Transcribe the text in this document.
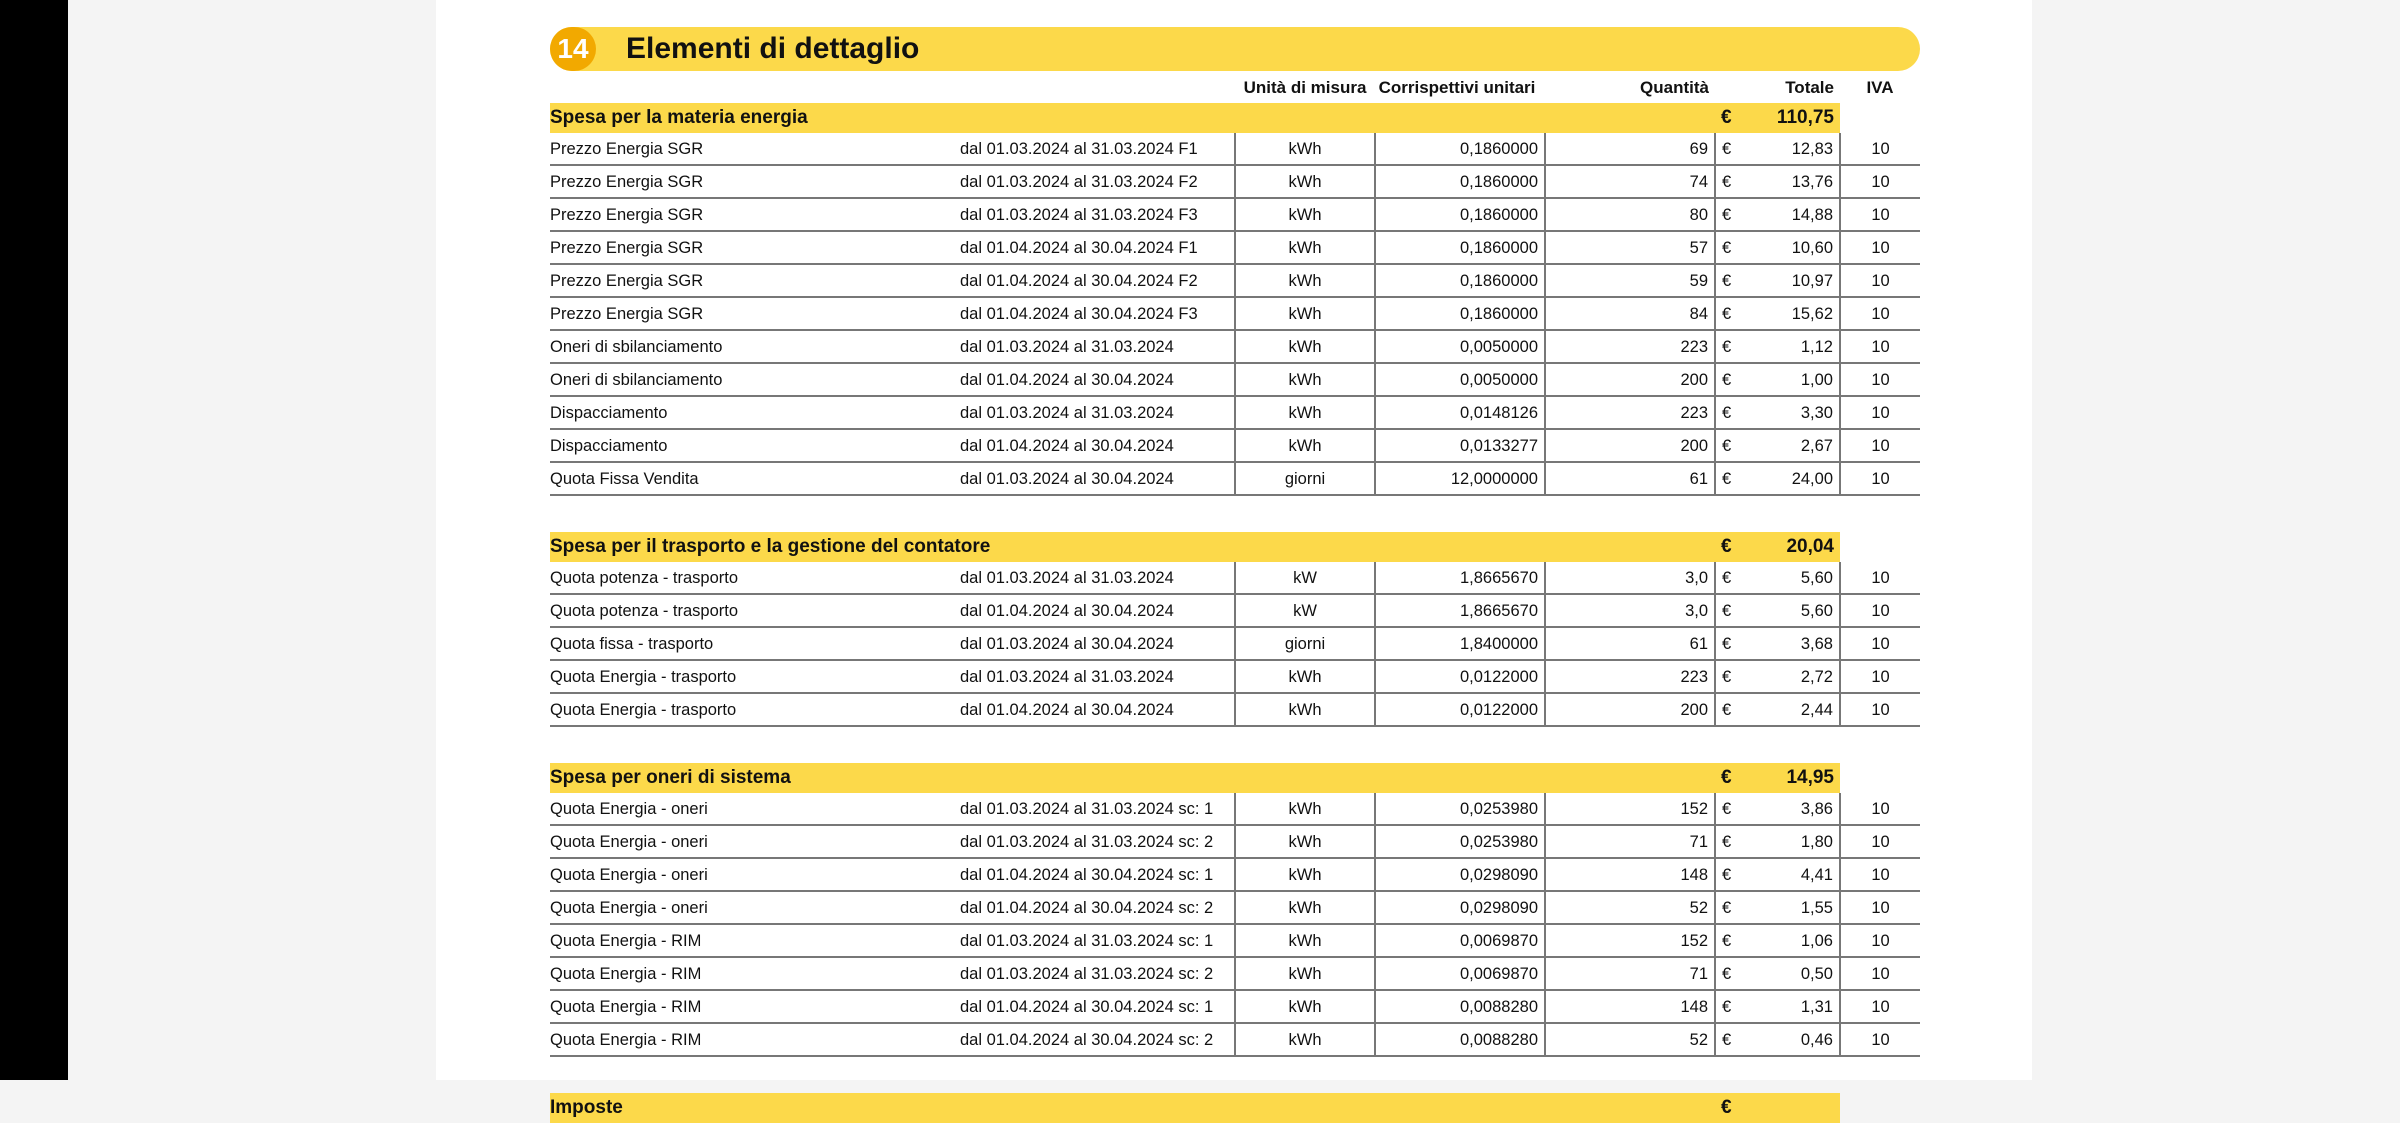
14 Elementi di dettaglio
	Unità di misura	Corrispettivi unitari	Quantità		Totale	IVA
Spesa per la materia energia				€	110,75	

Prezzo Energia SGR dal 01.03.2024 al 31.03.2024 F1	kWh	0,1860000	69	€	12,83	10

Prezzo Energia SGR dal 01.03.2024 al 31.03.2024 F2	kWh	0,1860000	74	€	13,76	10

Prezzo Energia SGR dal 01.03.2024 al 31.03.2024 F3	kWh	0,1860000	80	€	14,88	10

Prezzo Energia SGR dal 01.04.2024 al 30.04.2024 F1	kWh	0,1860000	57	€	10,60	10

Prezzo Energia SGR dal 01.04.2024 al 30.04.2024 F2	kWh	0,1860000	59	€	10,97	10

Prezzo Energia SGR dal 01.04.2024 al 30.04.2024 F3	kWh	0,1860000	84	€	15,62	10

Oneri di sbilanciamento dal 01.03.2024 al 31.03.2024	kWh	0,0050000	223	€	1,12	10

Oneri di sbilanciamento dal 01.04.2024 al 30.04.2024	kWh	0,0050000	200	€	1,00	10

Dispacciamento dal 01.03.2024 al 31.03.2024	kWh	0,0148126	223	€	3,30	10

Dispacciamento dal 01.04.2024 al 30.04.2024	kWh	0,0133277	200	€	2,67	10

Quota Fissa Vendita dal 01.03.2024 al 30.04.2024	giorni	12,0000000	61	€	24,00	10

Spesa per il trasporto e la gestione del contatore				€	20,04	

Quota potenza - trasporto dal 01.03.2024 al 31.03.2024	kW	1,8665670	3,0	€	5,60	10

Quota potenza - trasporto dal 01.04.2024 al 30.04.2024	kW	1,8665670	3,0	€	5,60	10

Quota fissa - trasporto dal 01.03.2024 al 30.04.2024	giorni	1,8400000	61	€	3,68	10

Quota Energia - trasporto dal 01.03.2024 al 31.03.2024	kWh	0,0122000	223	€	2,72	10

Quota Energia - trasporto dal 01.04.2024 al 30.04.2024	kWh	0,0122000	200	€	2,44	10

Spesa per oneri di sistema				€	14,95	

Quota Energia - oneri dal 01.03.2024 al 31.03.2024 sc: 1	kWh	0,0253980	152	€	3,86	10

Quota Energia - oneri dal 01.03.2024 al 31.03.2024 sc: 2	kWh	0,0253980	71	€	1,80	10

Quota Energia - oneri dal 01.04.2024 al 30.04.2024 sc: 1	kWh	0,0298090	148	€	4,41	10

Quota Energia - oneri dal 01.04.2024 al 30.04.2024 sc: 2	kWh	0,0298090	52	€	1,55	10

Quota Energia - RIM dal 01.03.2024 al 31.03.2024 sc: 1	kWh	0,0069870	152	€	1,06	10

Quota Energia - RIM dal 01.03.2024 al 31.03.2024 sc: 2	kWh	0,0069870	71	€	0,50	10

Quota Energia - RIM dal 01.04.2024 al 30.04.2024 sc: 1	kWh	0,0088280	148	€	1,31	10

Quota Energia - RIM dal 01.04.2024 al 30.04.2024 sc: 2	kWh	0,0088280	52	€	0,46	10

Imposte				€		
